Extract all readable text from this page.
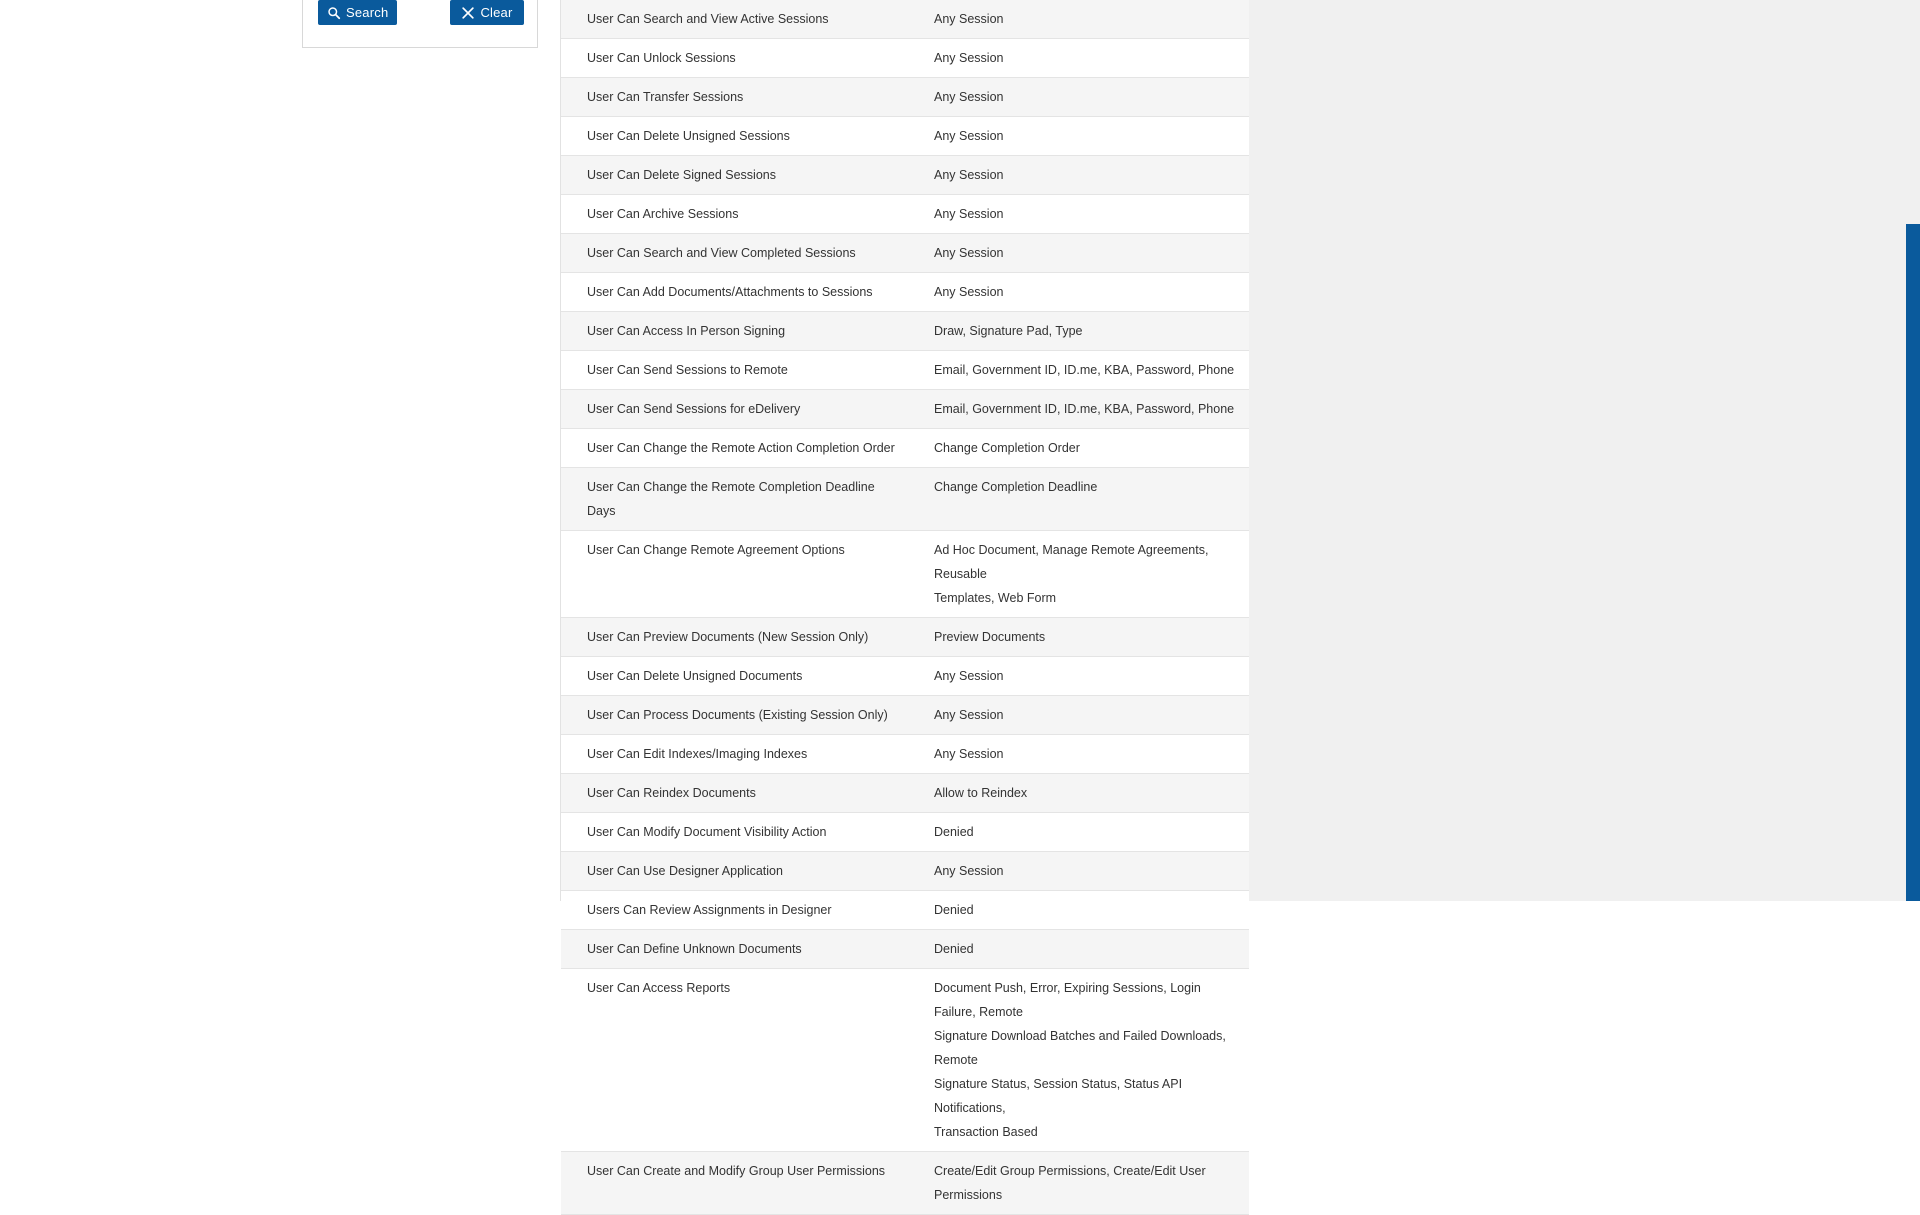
Search	Clear	User Can Search and View Active Sessions	Any Session

User Can Unlock Sessions	Any Session

User Can Transfer Sessions	Any Session

User Can Delete Unsigned Sessions	Any Session

User Can Delete Signed Sessions	Any Session

User Can Archive Sessions	Any Session

User Can Search and View Completed Sessions	Any Session

User Can Add Documents/Attachments to Sessions	Any Session

User Can Access In Person Signing	Draw, Signature Pad, Type

User Can Send Sessions to Remote	Email, Government ID, ID.me, KBA, Password, Phone

User Can Send Sessions for eDelivery	Email, Government ID, ID.me, KBA, Password, Phone

User Can Change the Remote Action Completion Order	Change Completion Order

User Can Change the Remote Completion Deadline Days	Change Completion Deadline

User Can Change Remote Agreement Options	Ad Hoc Document, Manage Remote Agreements, Reusable
Templates, Web Form

User Can Preview Documents (New Session Only)	Preview Documents

User Can Delete Unsigned Documents	Any Session

User Can Process Documents (Existing Session Only)	Any Session

User Can Edit Indexes/Imaging Indexes	Any Session

User Can Reindex Documents	Allow to Reindex

User Can Modify Document Visibility Action	Denied

User Can Use Designer Application	Any Session

Users Can Review Assignments in Designer	Denied

User Can Define Unknown Documents	Denied

User Can Access Reports	Document Push, Error, Expiring Sessions, Login Failure, Remote
Signature Download Batches and Failed Downloads, Remote
Signature Status, Session Status, Status API Notifications,
Transaction Based

User Can Create and Modify Group User Permissions	Create/Edit Group Permissions, Create/Edit User Permissions
